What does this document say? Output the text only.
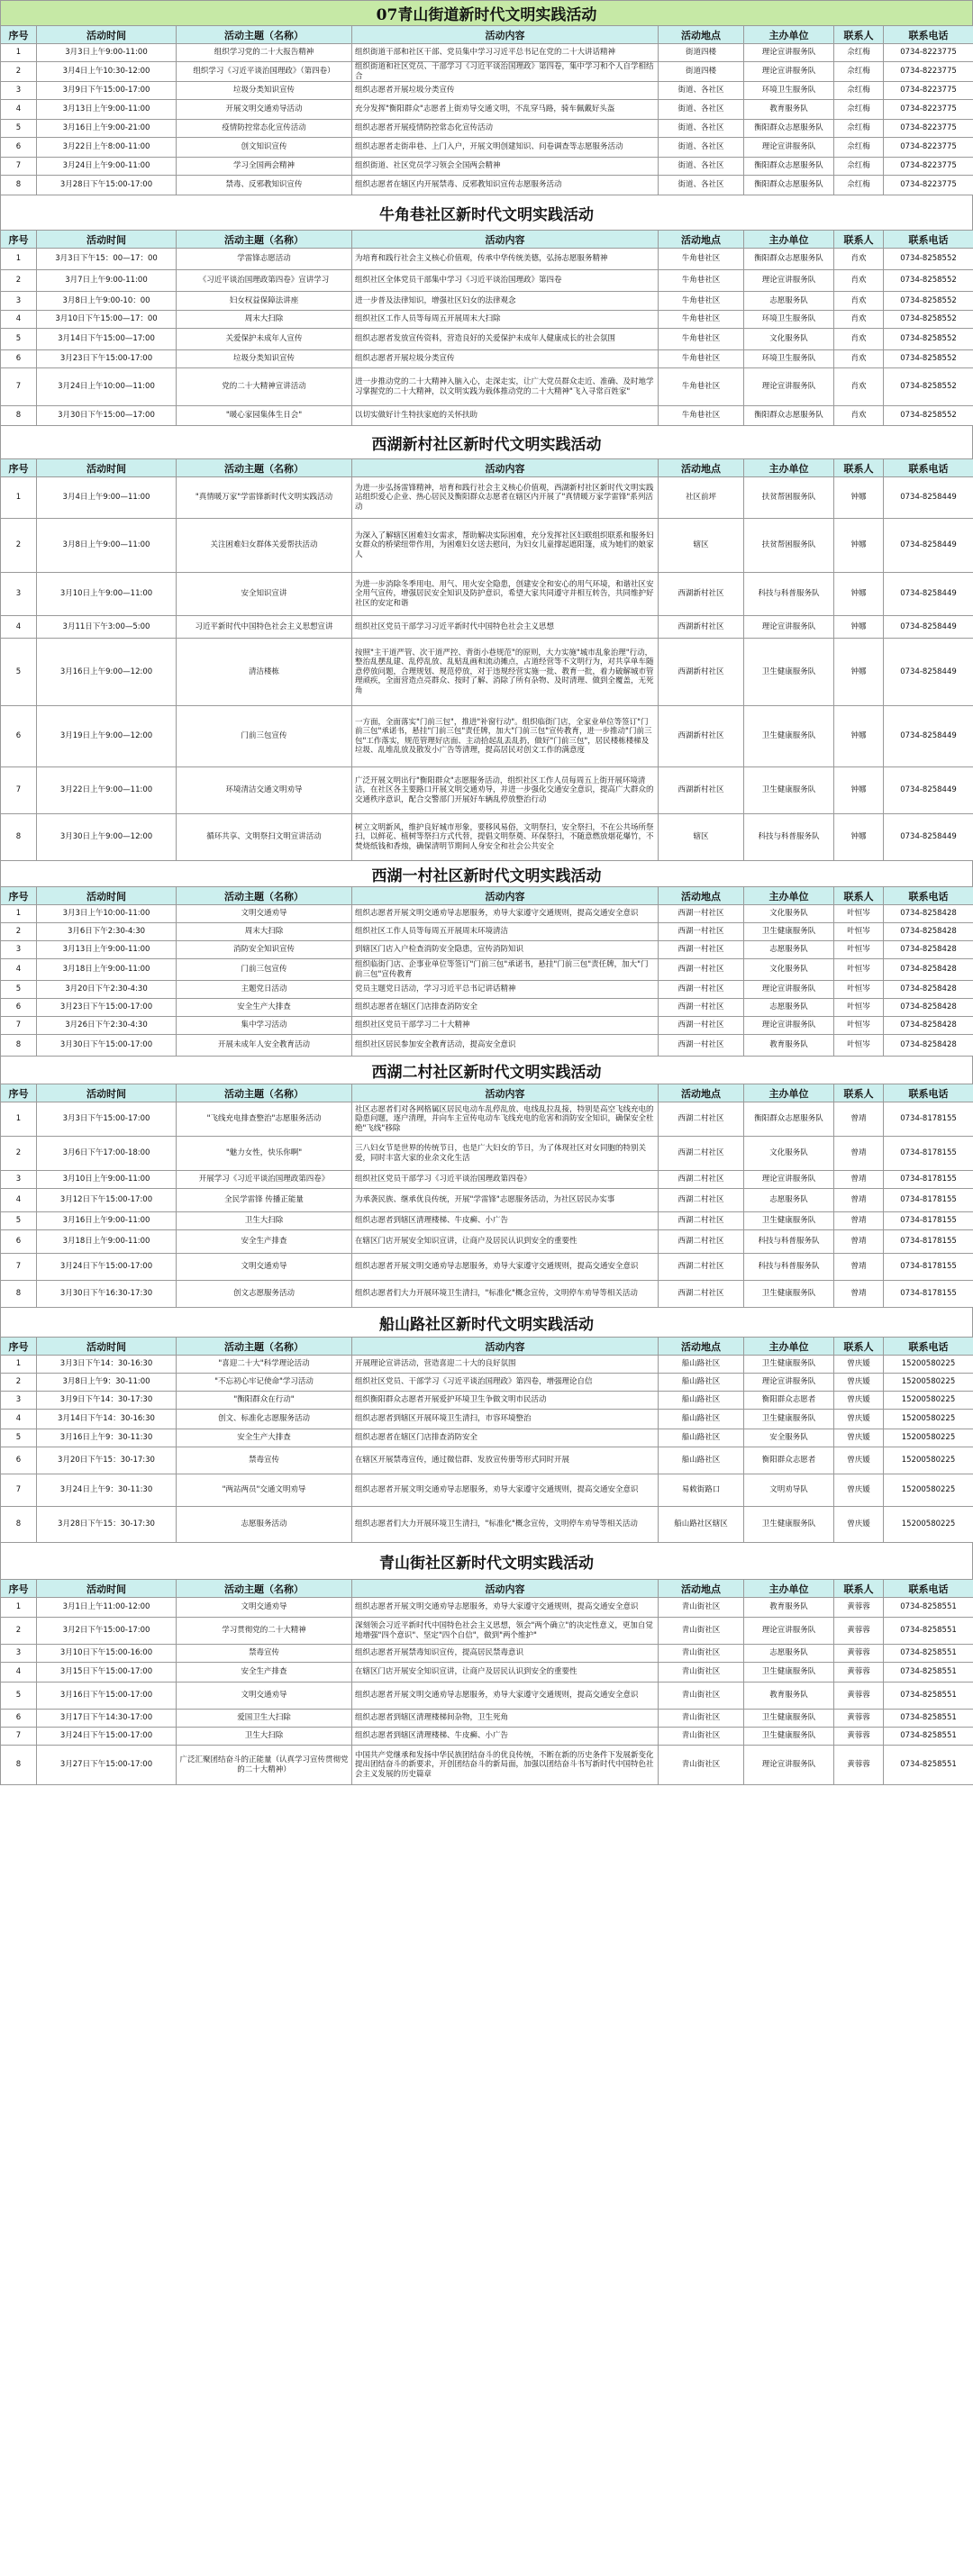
07青山街道新时代文明实践活动
序号	活动时间	活动主题（名称）	活动内容	活动地点	主办单位	联系人	联系电话
1	3月3日上午9:00-11:00	组织学习党的二十大报告精神	组织街道干部和社区干部、党员集中学习习近平总书记在党的二十大讲话精神	街道四楼	理论宣讲服务队	佘红梅	0734-8223775
2	3月4日上午10:30-12:00	组织学习《习近平谈治国理政》（第四卷）	组织街道和社区党员、干部学习《习近平谈治国理政》第四卷，集中学习和个人自学相结合	街道四楼	理论宣讲服务队	佘红梅	0734-8223775
3	3月9日下午15:00-17:00	垃圾分类知识宣传	组织志愿者开展垃圾分类宣传	街道、各社区	环境卫生服务队	佘红梅	0734-8223775
4	3月13日上午9:00-11:00	开展文明交通劝导活动	充分发挥"衡阳群众"志愿者上街劝导交通文明，不乱穿马路，骑车佩戴好头盔	街道、各社区	教育服务队	佘红梅	0734-8223775
5	3月16日上午9:00-21:00	疫情防控常态化宣传活动	组织志愿者开展疫情防控常态化宣传活动	街道、各社区	衡阳群众志愿服务队	佘红梅	0734-8223775
6	3月22日上午8:00-11:00	创文知识宣传	组织志愿者走街串巷、上门入户，开展文明创建知识、问卷调查等志愿服务活动	街道、各社区	理论宣讲服务队	佘红梅	0734-8223775
7	3月24日上午9:00-11:00	学习全国两会精神	组织街道、社区党员学习领会全国两会精神	街道、各社区	衡阳群众志愿服务队	佘红梅	0734-8223775
8	3月28日下午15:00-17:00	禁毒、反邪教知识宣传	组织志愿者在辖区内开展禁毒、反邪教知识宣传志愿服务活动	街道、各社区	衡阳群众志愿服务队	佘红梅	0734-8223775
牛角巷社区新时代文明实践活动
序号	活动时间	活动主题（名称）	活动内容	活动地点	主办单位	联系人	联系电话
1	3月3日下午15：00—17：00	学雷锋志愿活动	为培育和践行社会主义核心价值观，传承中华传统美德，弘扬志愿服务精神	牛角巷社区	衡阳群众志愿服务队	肖欢	0734-8258552
2	3月7日上午9:00-11:00	《习近平谈治国理政第四卷》宣讲学习	组织社区全体党员干部集中学习《习近平谈治国理政》第四卷	牛角巷社区	理论宣讲服务队	肖欢	0734-8258552
3	3月8日上午9:00-10：00	妇女权益保障法讲座	进一步普及法律知识，增强社区妇女的法律观念	牛角巷社区	志愿服务队	肖欢	0734-8258552
4	3月10日下午15:00—17：00	周末大扫除	组织社区工作人员等每周五开展周末大扫除	牛角巷社区	环境卫生服务队	肖欢	0734-8258552
5	3月14日下午15:00—17:00	关爱保护未成年人宣传	组织志愿者发放宣传资料，营造良好的关爱保护未成年人健康成长的社会氛围	牛角巷社区	文化服务队	肖欢	0734-8258552
6	3月23日下午15:00-17:00	垃圾分类知识宣传	组织志愿者开展垃圾分类宣传	牛角巷社区	环境卫生服务队	肖欢	0734-8258552
7	3月24日上午10:00—11:00	党的二十大精神宣讲活动	进一步推动党的二十大精神入脑入心，走深走实，让广大党员群众走近、准确、及时地学习掌握党的二十大精神，以文明实践为载体推动党的二十大精神"飞入寻常百姓家"	牛角巷社区	理论宣讲服务队	肖欢	0734-8258552
8	3月30日下午15:00—17:00	"暖心家园集体生日会"	以切实做好计生特扶家庭的关怀扶助	牛角巷社区	衡阳群众志愿服务队	肖欢	0734-8258552
西湖新村社区新时代文明实践活动
序号	活动时间	活动主题（名称）	活动内容	活动地点	主办单位	联系人	联系电话
1	3月4日上午9:00—11:00	"真情暖万家"学雷锋新时代文明实践活动	为进一步弘扬雷锋精神，培育和践行社会主义核心价值观，西湖新村社区新时代文明实践站组织爱心企业、热心居民及衡阳群众志愿者在辖区内开展了"真情暖万家学雷锋"系列活动	社区前坪	扶贫帮困服务队	钟娜	0734-8258449
2	3月8日上午9:00—11:00	关注困难妇女群体关爱帮扶活动	为深入了解辖区困难妇女需求，帮助解决实际困难，充分发挥社区妇联组织联系和服务妇女群众的桥梁纽带作用，为困难妇女送去慰问，为妇女儿童撑起遮阳篷，成为她们的娘家人	辖区	扶贫帮困服务队	钟娜	0734-8258449
3	3月10日上午9:00—11:00	安全知识宣讲	为进一步消除冬季用电、用气、用火安全隐患，创建安全和安心的用气环境，和谐社区安全用气宣传，增强居民安全知识及防护意识，希望大家共同遵守并相互转告，共同维护好社区的安定和谐	西湖新村社区	科技与科普服务队	钟娜	0734-8258449
4	3月11日下午3:00—5:00	习近平新时代中国特色社会主义思想宣讲	组织社区党员干部学习习近平新时代中国特色社会主义思想	西湖新村社区	理论宣讲服务队	钟娜	0734-8258449
5	3月16日上午9:00—12:00	清洁楼栋	按照"主干道严管、次干道严控、背街小巷规范"的原则，大力实施"城市乱象治理"行动，整治乱摆乱建、乱停乱放、乱贴乱画和流动摊点，占道经营等不文明行为，对共享单车随意停放问题，合理规划、规范停放，对于违规经营实施一批、教育一批，着力破解城市管理顽疾，全面营造点亮群众、按时了解、消除了所有杂物、及时清理、做到全覆盖，无死角	西湖新村社区	卫生健康服务队	钟娜	0734-8258449
6	3月19日上午9:00—12:00	门前三包宣传	一方面，全面落实"门前三包"，推进"补窗行动"。组织临街门店，全家业单位等签订"门前三包"承诺书，悬挂"门前三包"责任牌，加大"门前三包"宣传教育，进一步推动"门前三包"工作落实，规范管理好店面、主动拾起乱丢乱扔，做好"门前三包"，居民楼栋楼梯及垃圾、乱堆乱放及散发小广告等清理，提高居民对创文工作的满意度	西湖新村社区	卫生健康服务队	钟娜	0734-8258449
7	3月22日上午9:00—11:00	环境清洁交通文明劝导	广泛开展文明出行"衡阳群众"志愿服务活动，组织社区工作人员每周五上街开展环境清洁，在社区各主要路口开展文明交通劝导，并进一步强化交通安全意识，提高广大群众的交通秩序意识，配合交警部门开展好车辆乱停放整治行动	西湖新村社区	卫生健康服务队	钟娜	0734-8258449
8	3月30日上午9:00—12:00	循环共享、文明祭扫文明宣讲活动	树立文明新风，维护良好城市形象，要移风易俗，文明祭扫，安全祭扫，不在公共场所祭扫，以鲜花、植树等祭扫方式代替，提倡文明祭奠、环保祭扫，不随意燃放烟花爆竹，不焚烧纸钱和香烛，确保清明节期间人身安全和社会公共安全	辖区	科技与科普服务队	钟娜	0734-8258449
西湖一村社区新时代文明实践活动
序号	活动时间	活动主题（名称）	活动内容	活动地点	主办单位	联系人	联系电话
1	3月3日上午10:00-11:00	文明交通劝导	组织志愿者开展文明交通劝导志愿服务，劝导大家遵守交通规则，提高交通安全意识	西湖一村社区	文化服务队	叶恒岑	0734-8258428
2	3月6日下午2:30-4:30	周末大扫除	组织社区工作人员等每周五开展周末环境清洁	西湖一村社区	卫生健康服务队	叶恒岑	0734-8258428
3	3月13日上午9:00-11:00	消防安全知识宣传	到辖区门店入户检查消防安全隐患，宣传消防知识	西湖一村社区	志愿服务队	叶恒岑	0734-8258428
4	3月18日上午9:00-11:00	门前三包宣传	组织临街门店、企事业单位等签订"门前三包"承诺书，悬挂"门前三包"责任牌，加大"门前三包"宣传教育	西湖一村社区	文化服务队	叶恒岑	0734-8258428
5	3月20日下午2:30-4:30	主题党日活动	党员主题党日活动，学习习近平总书记讲话精神	西湖一村社区	理论宣讲服务队	叶恒岑	0734-8258428
6	3月23日下午15:00-17:00	安全生产大排查	组织志愿者在辖区门店排查消防安全	西湖一村社区	志愿服务队	叶恒岑	0734-8258428
7	3月26日下午2:30-4:30	集中学习活动	组织社区党员干部学习二十大精神	西湖一村社区	理论宣讲服务队	叶恒岑	0734-8258428
8	3月30日下午15:00-17:00	开展未成年人安全教育活动	组织社区居民参加安全教育活动，提高安全意识	西湖一村社区	教育服务队	叶恒岑	0734-8258428
西湖二村社区新时代文明实践活动
序号	活动时间	活动主题（名称）	活动内容	活动地点	主办单位	联系人	联系电话
1	3月3日下午15:00-17:00	"飞线充电排查整治"志愿服务活动	社区志愿者们对各网格属区居民电动车乱停乱放、电线乱拉乱接，特别是高空飞线充电的隐患问题，逐户清理，并向车主宣传电动车飞线充电的危害和消防安全知识，确保安全杜绝"飞线"移除	西湖二村社区	衡阳群众志愿服务队	曾靖	0734-8178155
2	3月6日下午17:00-18:00	"魅力女性，快乐你啊"	三八妇女节是世界的传统节日，也是广大妇女的节日，为了体现社区对女同胞的特别关爱，同时丰富大家的业余文化生活	西湖二村社区	文化服务队	曾靖	0734-8178155
3	3月10日上午9:00-11:00	开展学习《习近平谈治国理政第四卷》	组织社区党员干部学习《习近平谈治国理政第四卷》	西湖二村社区	理论宣讲服务队	曾靖	0734-8178155
4	3月12日下午15:00-17:00	全民学雷锋 传播正能量	为承袭民族、继承优良传统，开展"学雷锋"志愿服务活动，为社区居民办实事	西湖二村社区	志愿服务队	曾靖	0734-8178155
5	3月16日上午9:00-11:00	卫生大扫除	组织志愿者到辖区清理楼梯、牛皮癣、小广告	西湖二村社区	卫生健康服务队	曾靖	0734-8178155
6	3月18日上午9:00-11:00	安全生产排查	在辖区门店开展安全知识宣讲，让商户及居民认识到安全的重要性	西湖二村社区	科技与科普服务队	曾靖	0734-8178155
7	3月24日下午15:00-17:00	文明交通劝导	组织志愿者开展文明交通劝导志愿服务，劝导大家遵守交通规则，提高交通安全意识	西湖二村社区	科技与科普服务队	曾靖	0734-8178155
8	3月30日下午16:30-17:30	创文志愿服务活动	组织志愿者们大力开展环境卫生清扫，"标准化"概念宣传，文明停车劝导等相关活动	西湖二村社区	卫生健康服务队	曾靖	0734-8178155
船山路社区新时代文明实践活动
序号	活动时间	活动主题（名称）	活动内容	活动地点	主办单位	联系人	联系电话
1	3月3日下午14：30-16:30	"喜迎二十大"科学理论活动	开展理论宣讲活动，营造喜迎二十大的良好氛围	船山路社区	卫生健康服务队	曾庆媛	15200580225
2	3月8日上午9：30-11:00	"不忘初心牢记使命"学习活动	组织社区党员、干部学习《习近平谈治国理政》第四卷，增强理论自信	船山路社区	理论宣讲服务队	曾庆媛	15200580225
3	3月9日下午14：30-17:30	"衡阳群众在行动"	组织衡阳群众志愿者开展爱护环境卫生争做文明市民活动	船山路社区	衡阳群众志愿者	曾庆媛	15200580225
4	3月14日下午14：30-16:30	创文、标准化志愿服务活动	组织志愿者到辖区开展环境卫生清扫，市容环境整治	船山路社区	卫生健康服务队	曾庆媛	15200580225
5	3月16日上午9：30-11:30	安全生产大排查	组织志愿者在辖区门店排查消防安全	船山路社区	安全服务队	曾庆媛	15200580225
6	3月20日下午15：30-17:30	禁毒宣传	在辖区开展禁毒宣传，通过微信群、发放宣传册等形式同时开展	船山路社区	衡阳群众志愿者	曾庆媛	15200580225
7	3月24日上午9：30-11:30	"两站两员"交通文明劝导	组织志愿者开展文明交通劝导志愿服务，劝导大家遵守交通规则，提高交通安全意识	易敕街路口	文明劝导队	曾庆媛	15200580225
8	3月28日下午15：30-17:30	志愿服务活动	组织志愿者们大力开展环境卫生清扫，"标准化"概念宣传，文明停车劝导等相关活动	船山路社区辖区	卫生健康服务队	曾庆媛	15200580225
青山街社区新时代文明实践活动
序号	活动时间	活动主题（名称）	活动内容	活动地点	主办单位	联系人	联系电话
1	3月1日上午11:00-12:00	文明交通劝导	组织志愿者开展文明交通劝导志愿服务，劝导大家遵守交通规则，提高交通安全意识	青山街社区	教育服务队	黄蓉蓉	0734-8258551
2	3月2日下午15:00-17:00	学习贯彻党的二十大精神	深刻领会习近平新时代中国特色社会主义思想，领会"两个确立"的决定性意义，更加自觉地增强"四个意识"、坚定"四个自信"，做到"两个维护"	青山街社区	理论宣讲服务队	黄蓉蓉	0734-8258551
3	3月10日下午15:00-16:00	禁毒宣传	组织志愿者开展禁毒知识宣传，提高居民禁毒意识	青山街社区	志愿服务队	黄蓉蓉	0734-8258551
4	3月15日下午15:00-17:00	安全生产排查	在辖区门店开展安全知识宣讲，让商户及居民认识到安全的重要性	青山街社区	卫生健康服务队	黄蓉蓉	0734-8258551
5	3月16日下午15:00-17:00	文明交通劝导	组织志愿者开展文明交通劝导志愿服务，劝导大家遵守交通规则，提高交通安全意识	青山街社区	教育服务队	黄蓉蓉	0734-8258551
6	3月17日下午14:30-17:00	爱国卫生大扫除	组织志愿者到辖区清理楼梯间杂物，卫生死角	青山街社区	卫生健康服务队	黄蓉蓉	0734-8258551
7	3月24日下午15:00-17:00	卫生大扫除	组织志愿者到辖区清理楼梯、牛皮癣、小广告	青山街社区	卫生健康服务队	黄蓉蓉	0734-8258551
8	3月27日下午15:00-17:00	广泛汇聚团结奋斗的正能量（认真学习宣传贯彻党的二十大精神）	中国共产党继承和发扬中华民族团结奋斗的优良传统，不断在新的历史条件下发展新变化提出团结奋斗的新要求，开创团结奋斗的新局面，加强以团结奋斗书写新时代中国特色社会主义发展的历史篇章	青山街社区	理论宣讲服务队	黄蓉蓉	0734-8258551
